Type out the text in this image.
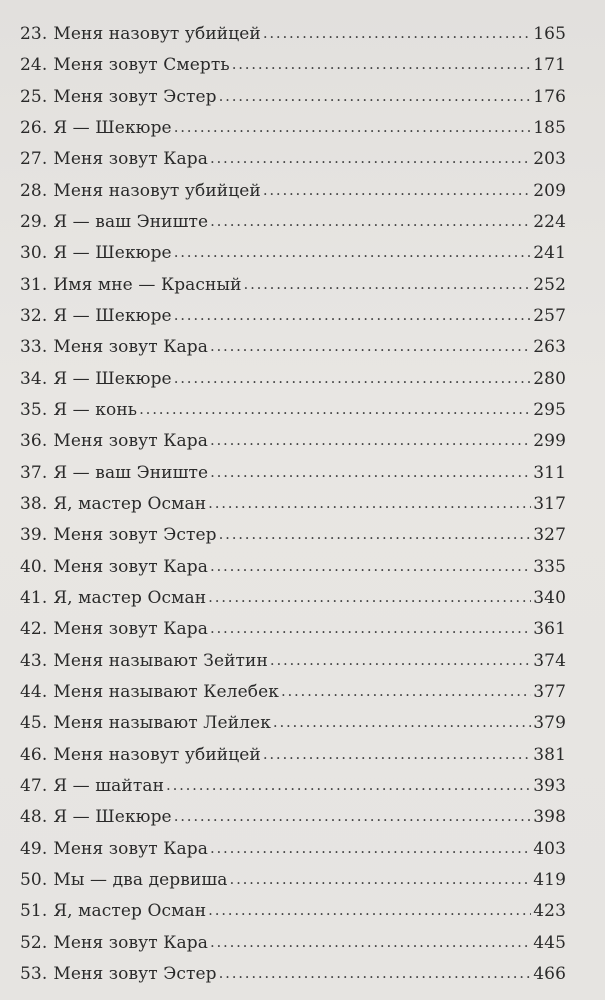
23. Меня назовут убийцей . . .	165
24. Меня зовут Смерть . . .	171
25. Меня зовут Эстер . . .	176
26. Я — Шекюре . . .	185
27. Меня зовут Кара . . .	203
28. Меня назовут убийцей . . .	209
29. Я — ваш Эниште . . .	224
30. Я — Шекюре . . .	241
31. Имя мне — Красный . . .	252
32. Я — Шекюре . . .	257
33. Меня зовут Кара . . .	263
34. Я — Шекюре . . .	280
35. Я — конь . . .	295
36. Меня зовут Кара . . .	299
37. Я — ваш Эниште . . .	311
38. Я, мастер Осман . . .	317
39. Меня зовут Эстер . . .	327
40. Меня зовут Кара . . .	335
41. Я, мастер Осман . . .	340
42. Меня зовут Кара . . .	361
43. Меня называют Зейтин . . .	374
44. Меня называют Келебек . . .	377
45. Меня называют Лейлек . . .	379
46. Меня назовут убийцей . . .	381
47. Я — шайтан . . .	393
48. Я — Шекюре . . .	398
49. Меня зовут Кара . . .	403
50. Мы — два дервиша . . .	419
51. Я, мастер Осман . . .	423
52. Меня зовут Кара . . .	445
53. Меня зовут Эстер . . .	466
